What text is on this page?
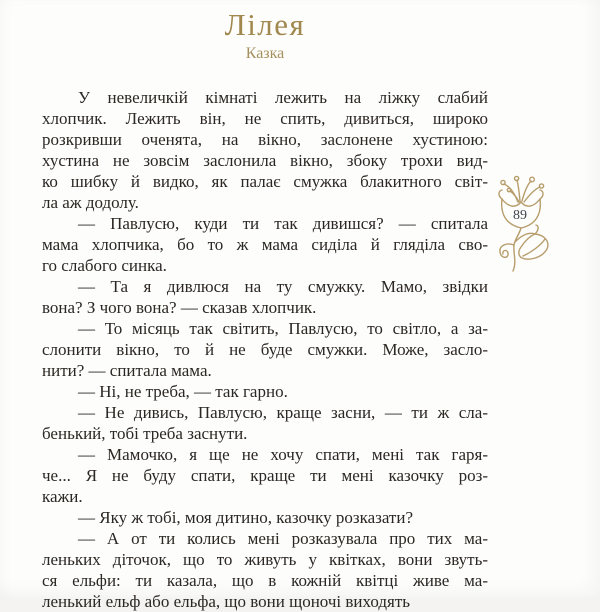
Лілея
Казка
89
У невеличкій кімнаті лежить на ліжку слабий
хлопчик. Лежить він, не спить, дивиться, широко
розкривши оченята, на вікно, заслонене хустиною:
хустина не зовсім заслонила вікно, збоку трохи вид-
ко шибку й видко, як палає смужка блакитного світ-
ла аж додолу.
— Павлусю, куди ти так дивишся? — спитала
мама хлопчика, бо то ж мама сиділа й гляділа сво-
го слабого синка.
— Та я дивлюся на ту смужку. Мамо, звідки
вона? З чого вона? — сказав хлопчик.
— То місяць так світить, Павлусю, то світло, а за-
слонити вікно, то й не буде смужки. Може, засло-
нити? — спитала мама.
— Ні, не треба, — так гарно.
— Не дивись, Павлусю, краще засни, — ти ж сла-
бенький, тобі треба заснути.
— Мамочко, я ще не хочу спати, мені так гаря-
че... Я не буду спати, краще ти мені казочку роз-
кажи.
— Яку ж тобі, моя дитино, казочку розказати?
— А от ти колись мені розказувала про тих ма-
леньких діточок, що то живуть у квітках, вони звуть-
ся ельфи: ти казала, що в кожній квітці живе ма-
ленький ельф або ельфа, що вони щоночі виходять
